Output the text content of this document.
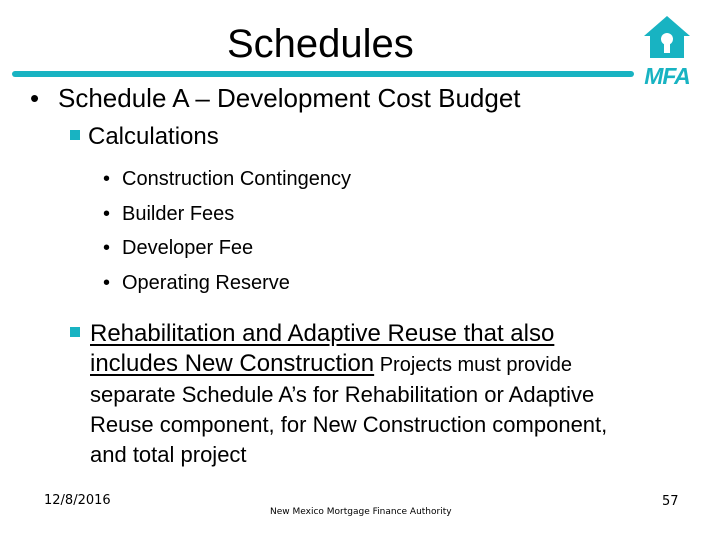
Schedules
MFA
• Schedule A – Development Cost Budget
Calculations
• Construction Contingency
• Builder Fees
• Developer Fee
• Operating Reserve
Rehabilitation and Adaptive Reuse that also
includes New Construction Projects must provide
separate Schedule A’s for Rehabilitation or Adaptive
Reuse component, for New Construction component,
and total project
12/8/2016
New Mexico Mortgage Finance Authority
57
